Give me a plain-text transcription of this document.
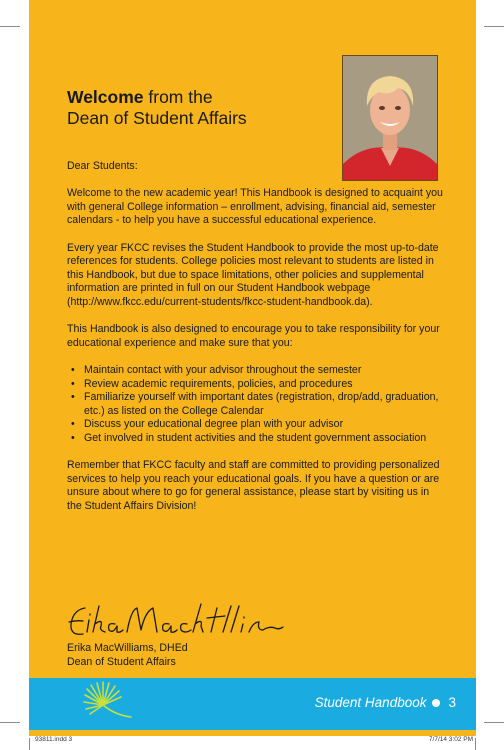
Welcome from the
Dean of Student Affairs

Dear Students:

Welcome to the new academic year! This Handbook is designed to acquaint you with general College information – enrollment, advising, financial aid, semester calendars - to help you have a successful educational experience.

Every year FKCC revises the Student Handbook to provide the most up-to-date references for students. College policies most relevant to students are listed in this Handbook, but due to space limitations, other policies and supplemental information are printed in full on our Student Handbook webpage (http://www.fkcc.edu/current-students/fkcc-student-handbook.da).

This Handbook is also designed to encourage you to take responsibility for your educational experience and make sure that you:

• Maintain contact with your advisor throughout the semester
• Review academic requirements, policies, and procedures
• Familiarize yourself with important dates (registration, drop/add, graduation, etc.) as listed on the College Calendar
• Discuss your educational degree plan with your advisor
• Get involved in student activities and the student government association

Remember that FKCC faculty and staff are committed to providing personalized services to help you reach your educational goals. If you have a question or are unsure about where to go for general assistance, please start by visiting us in the Student Affairs Division!

Erika MacWilliams, DHEd
Dean of Student Affairs
Student Handbook 3
93811.indd 3	7/7/14 3:02 PM
